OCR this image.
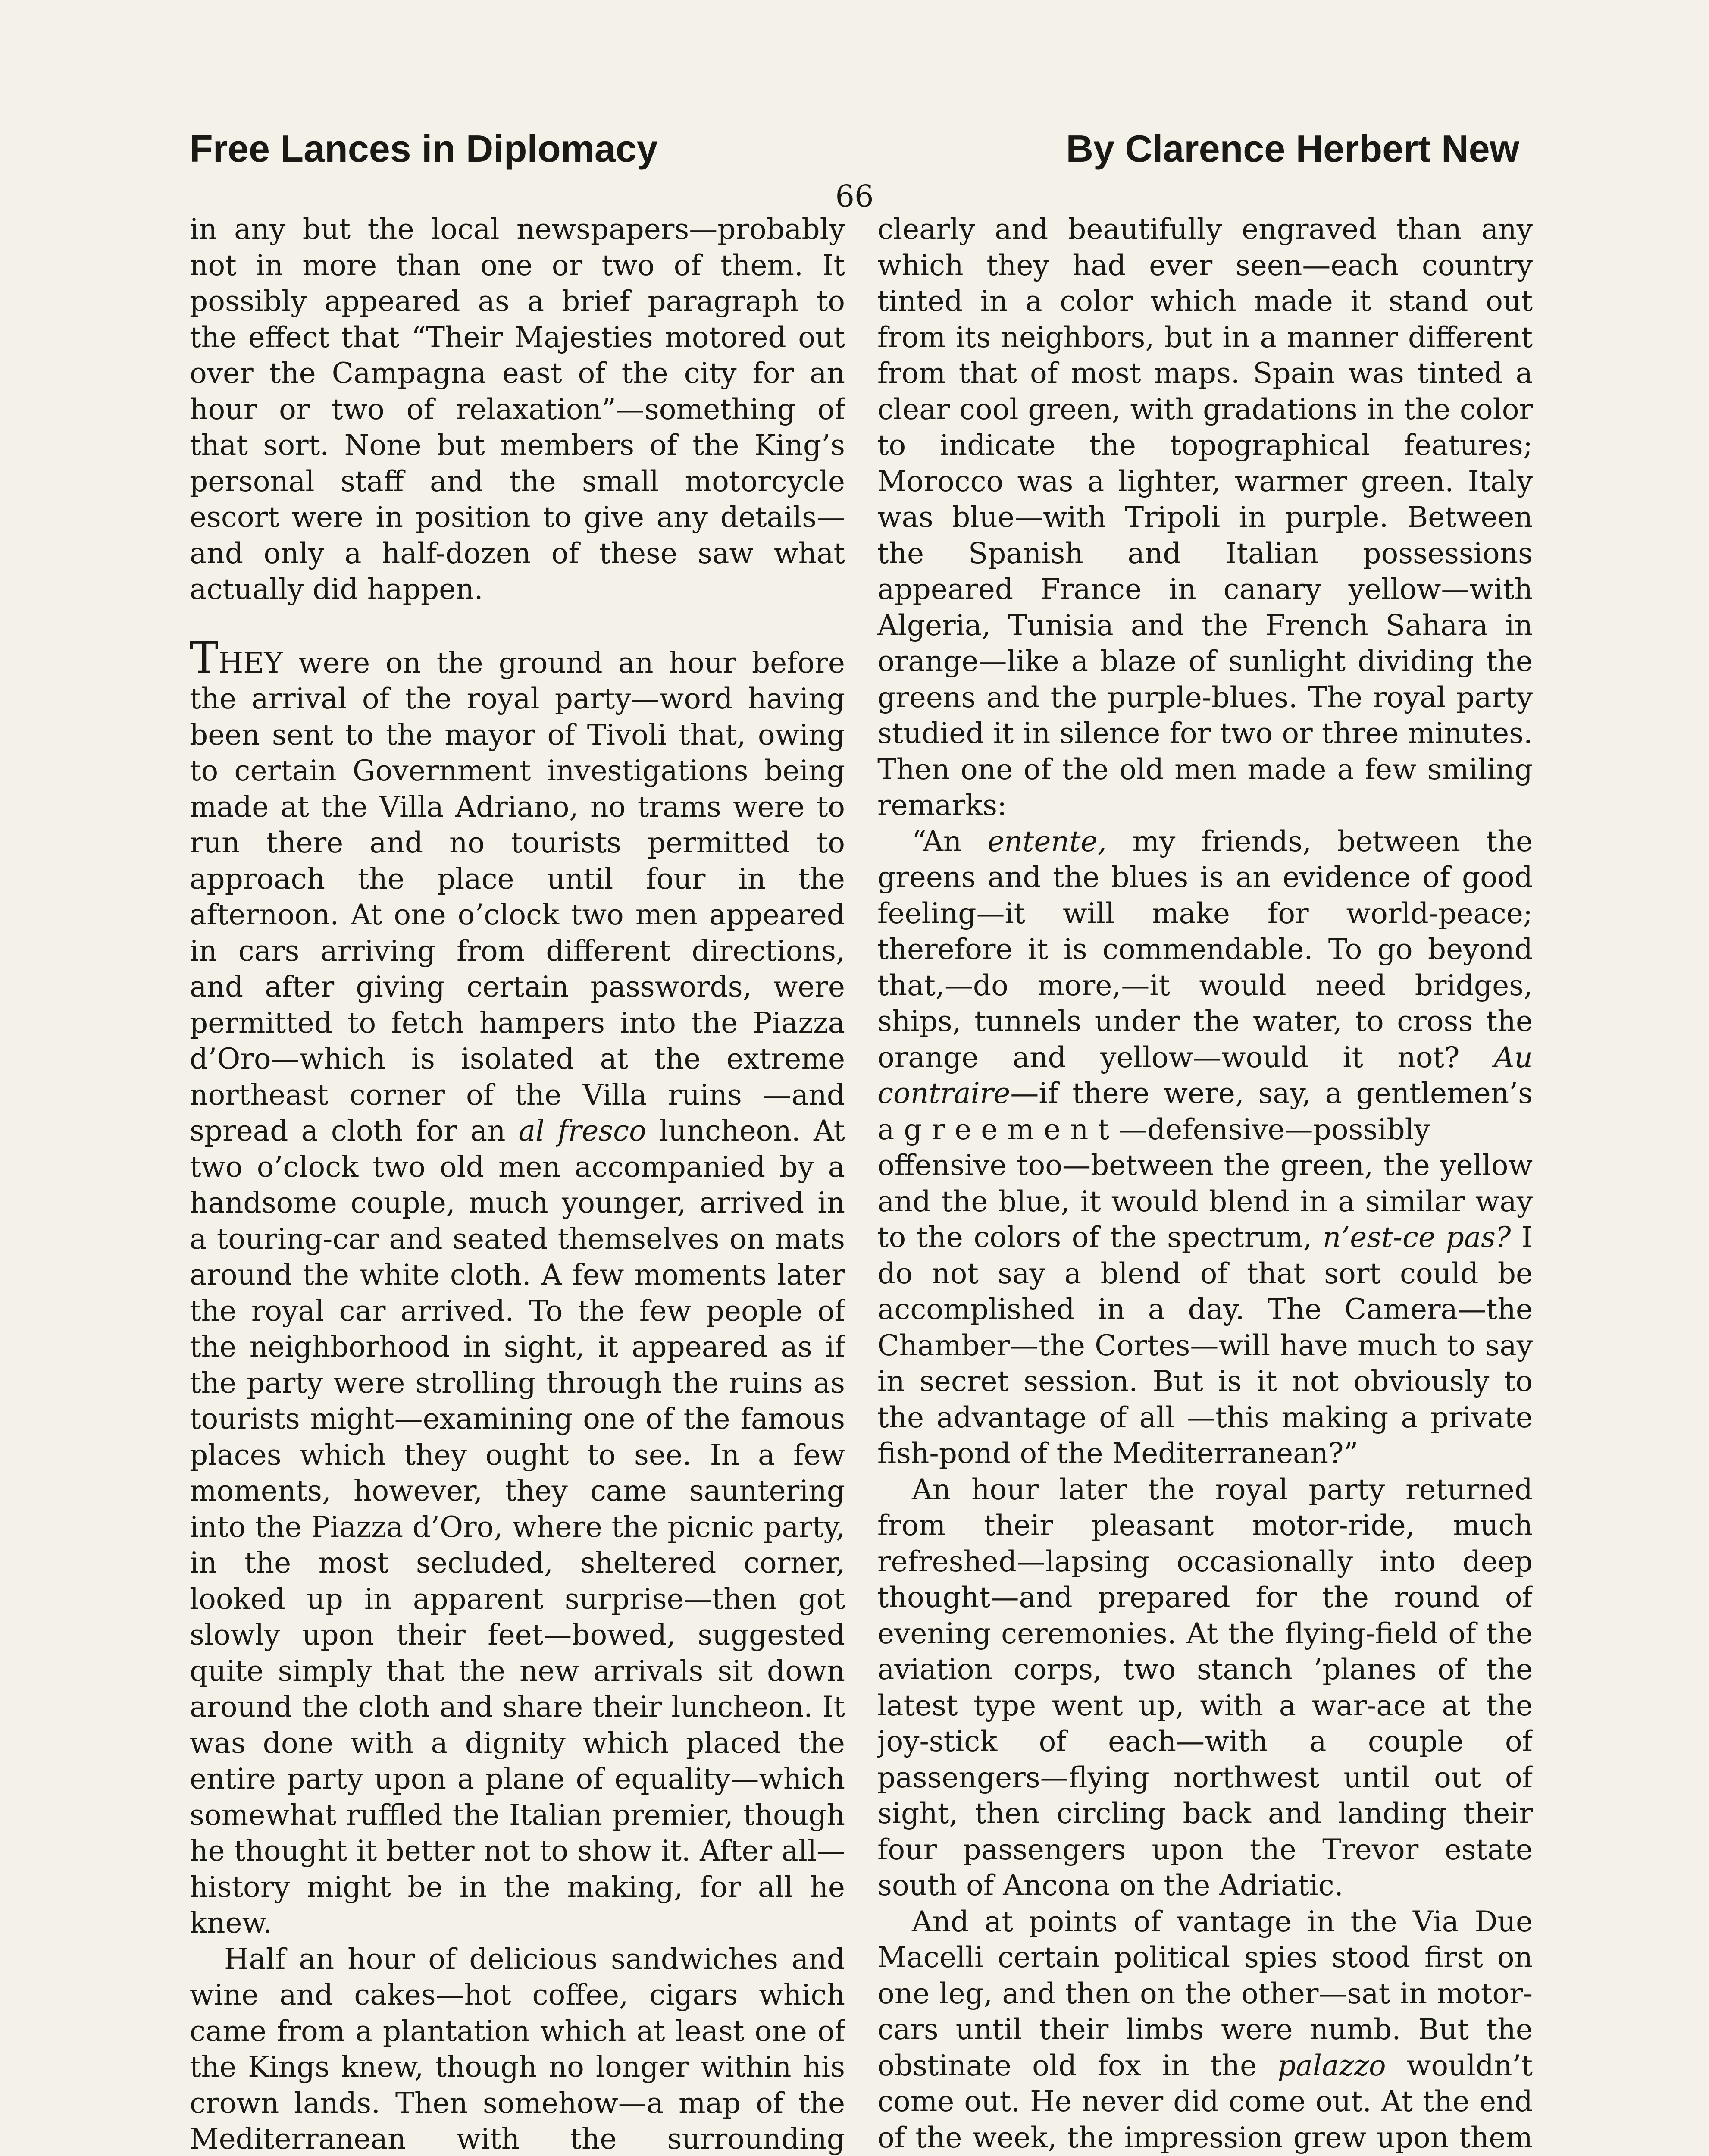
Free Lances in Diplomacy	By Clarence Herbert New
66

in any but the local newspapers—probably not in more than one or two of them. It possibly appeared as a brief paragraph to the effect that “Their Majesties motored out over the Campagna east of the city for an hour or two of relaxation”—something of that sort. None but members of the King’s personal staff and the small motorcycle escort were in position to give any details—and only a half-dozen of these saw what actually did happen.

THEY were on the ground an hour before the arrival of the royal party—word having been sent to the mayor of Tivoli that, owing to certain Government investigations being made at the Villa Adriano, no trams were to run there and no tourists permitted to approach the place until four in the afternoon. At one o’clock two men appeared in cars arriving from different directions, and after giving certain passwords, were permitted to fetch hampers into the Piazza d’Oro—which is isolated at the extreme northeast corner of the Villa ruins —and spread a cloth for an al fresco luncheon. At two o’clock two old men accompanied by a handsome couple, much younger, arrived in a touring-car and seated themselves on mats around the white cloth. A few moments later the royal car arrived. To the few people of the neighborhood in sight, it appeared as if the party were strolling through the ruins as tourists might—examining one of the famous places which they ought to see. In a few moments, however, they came sauntering into the Piazza d’Oro, where the picnic party, in the most secluded, sheltered corner, looked up in apparent surprise—then got slowly upon their feet—bowed, suggested quite simply that the new arrivals sit down around the cloth and share their luncheon. It was done with a dignity which placed the entire party upon a plane of equality—which somewhat ruffled the Italian premier, though he thought it better not to show it. After all—history might be in the making, for all he knew.

Half an hour of delicious sandwiches and wine and cakes—hot coffee, cigars which came from a plantation which at least one of the Kings knew, though no longer within his crown lands. Then somehow—a map of the Mediterranean with the surrounding

clearly and beautifully engraved than any which they had ever seen—each country tinted in a color which made it stand out from its neighbors, but in a manner different from that of most maps. Spain was tinted a clear cool green, with gradations in the color to indicate the topographical features; Morocco was a lighter, warmer green. Italy was blue—with Tripoli in purple. Between the Spanish and Italian possessions appeared France in canary yellow—with Algeria, Tunisia and the French Sahara in orange—like a blaze of sunlight dividing the greens and the purple-blues. The royal party studied it in silence for two or three minutes. Then one of the old men made a few smiling remarks:

“An entente, my friends, between the greens and the blues is an evidence of good feeling—it will make for world-peace; therefore it is commendable. To go beyond that,—do more,—it would need bridges, ships, tunnels under the water, to cross the orange and yellow—would it not? Au contraire—if there were, say, a gentlemen’s agreement—defensive—possibly offensive too—between the green, the yellow and the blue, it would blend in a similar way to the colors of the spectrum, n’est-ce pas? I do not say a blend of that sort could be accomplished in a day. The Camera—the Chamber—the Cortes—will have much to say in secret session. But is it not obviously to the advantage of all —this making a private fish-pond of the Mediterranean?”

An hour later the royal party returned from their pleasant motor-ride, much refreshed—lapsing occasionally into deep thought—and prepared for the round of evening ceremonies. At the flying-field of the aviation corps, two stanch ’planes of the latest type went up, with a war-ace at the joy-stick of each—with a couple of passengers—flying northwest until out of sight, then circling back and landing their four passengers upon the Trevor estate south of Ancona on the Adriatic.

And at points of vantage in the Via Due Macelli certain political spies stood first on one leg, and then on the other—sat in motor-cars until their limbs were numb. But the obstinate old fox in the palazzo wouldn’t come out. He never did come out. At the end of the week, the impression grew upon them
